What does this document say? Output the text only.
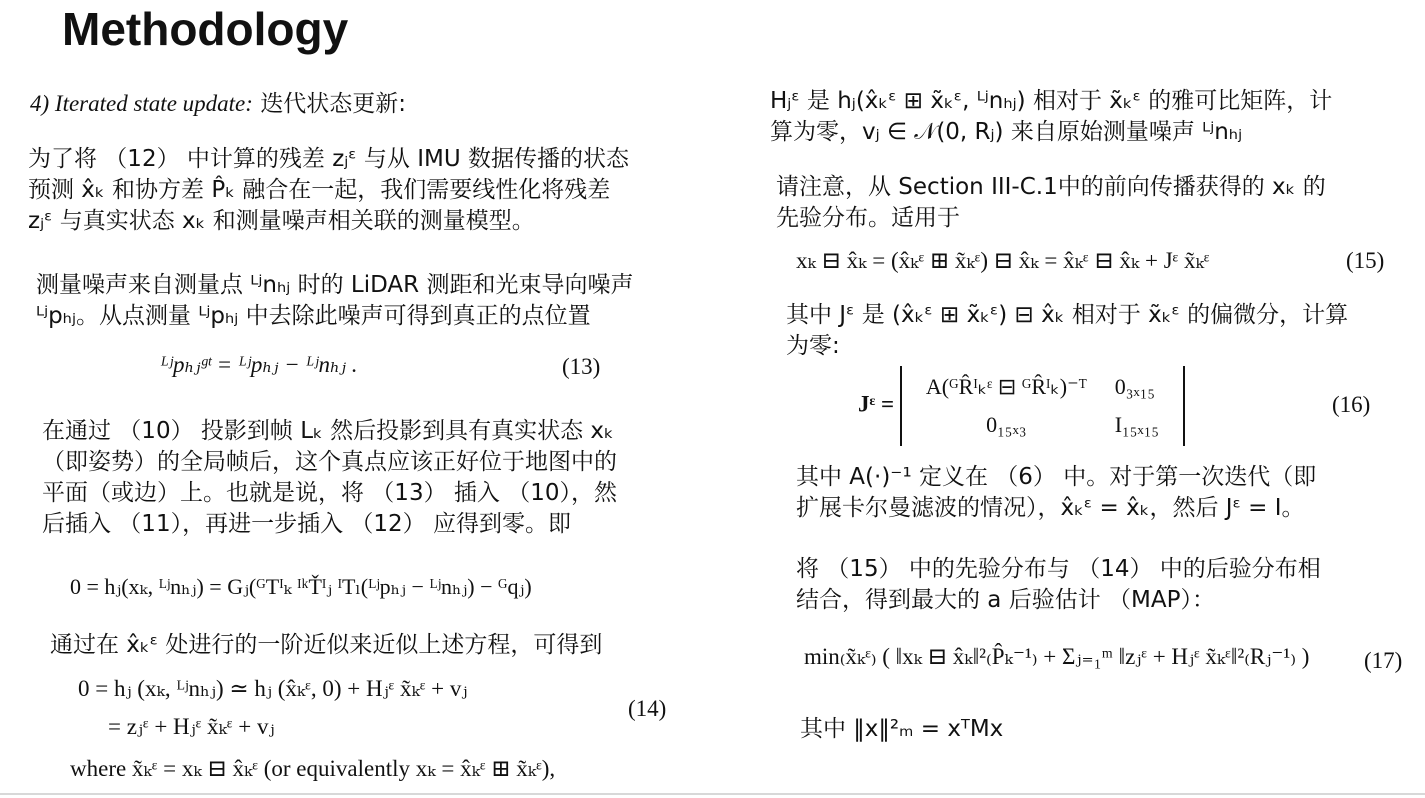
Methodology
4) Iterated state update: 迭代状态更新:
为了将 （12） 中计算的残差 zⱼᵋ 与从 IMU 数据传播的状态
预测 x̂ₖ 和协方差 P̂ₖ 融合在一起，我们需要线性化将残差
zⱼᵋ 与真实状态 xₖ 和测量噪声相关联的测量模型。
测量噪声来自测量点 ᴸʲnₕⱼ 时的 LiDAR 测距和光束导向噪声
ᴸʲpₕⱼ。从点测量 ᴸʲpₕⱼ 中去除此噪声可得到真正的点位置
ᴸʲpₕⱼᵍᵗ = ᴸʲpₕⱼ − ᴸʲnₕⱼ .	(13)
在通过 （10） 投影到帧 Lₖ 然后投影到具有真实状态 xₖ
（即姿势）的全局帧后，这个真点应该正好位于地图中的
平面（或边）上。也就是说，将 （13） 插入 （10），然
后插入 （11），再进一步插入 （12） 应得到零。即
0 = hⱼ(xₖ, ᴸʲnₕⱼ) = Gⱼ(ᴳTᴵₖ ᴵᵏŤᴵⱼ ᴵTₗ(ᴸʲpₕⱼ − ᴸʲnₕⱼ) − ᴳqⱼ)
通过在 x̂ₖᵋ 处进行的一阶近似来近似上述方程，可得到
0 = hⱼ (xₖ, ᴸʲnₕⱼ) ≃ hⱼ (x̂ₖᵋ, 0) + Hⱼᵋ x̃ₖᵋ + vⱼ
= zⱼᵋ + Hⱼᵋ x̃ₖᵋ + vⱼ
(14)
where x̃ₖᵋ = xₖ ⊟ x̂ₖᵋ (or equivalently xₖ = x̂ₖᵋ ⊞ x̃ₖᵋ),
Hⱼᵋ 是 hⱼ(x̂ₖᵋ ⊞ x̃ₖᵋ, ᴸʲnₕⱼ) 相对于 x̃ₖᵋ 的雅可比矩阵，计
算为零，vⱼ ∈ 𝒩(0, Rⱼ) 来自原始测量噪声 ᴸʲnₕⱼ
请注意，从 Section III-C.1中的前向传播获得的 xₖ 的
先验分布。适用于
xₖ ⊟ x̂ₖ = (x̂ₖᵋ ⊞ x̃ₖᵋ) ⊟ x̂ₖ = x̂ₖᵋ ⊟ x̂ₖ + Jᵋ x̃ₖᵋ	(15)
其中 Jᵋ 是 (x̂ₖᵋ ⊞ x̃ₖᵋ) ⊟ x̂ₖ 相对于 x̃ₖᵋ 的偏微分，计算
为零:
Jᵋ =
A(ᴳR̂ᴵₖᵋ ⊟ ᴳR̂ᴵₖ)⁻ᵀ	0₃ₓ₁₅
0₁₅ₓ₃	I₁₅ₓ₁₅
(16)
其中 A(·)⁻¹ 定义在 （6） 中。对于第一次迭代（即
扩展卡尔曼滤波的情况），x̂ₖᵋ = x̂ₖ，然后 Jᵋ = I。
将 （15） 中的先验分布与 （14） 中的后验分布相
结合，得到最大的 a 后验估计 （MAP）：
min₍x̃ₖᵋ₎ ( ‖xₖ ⊟ x̂ₖ‖²₍P̂ₖ⁻¹₎ + Σⱼ₌₁ᵐ ‖zⱼᵋ + Hⱼᵋ x̃ₖᵋ‖²₍Rⱼ⁻¹₎ ) (17)
其中 ‖x‖²ₘ = xᵀMx
